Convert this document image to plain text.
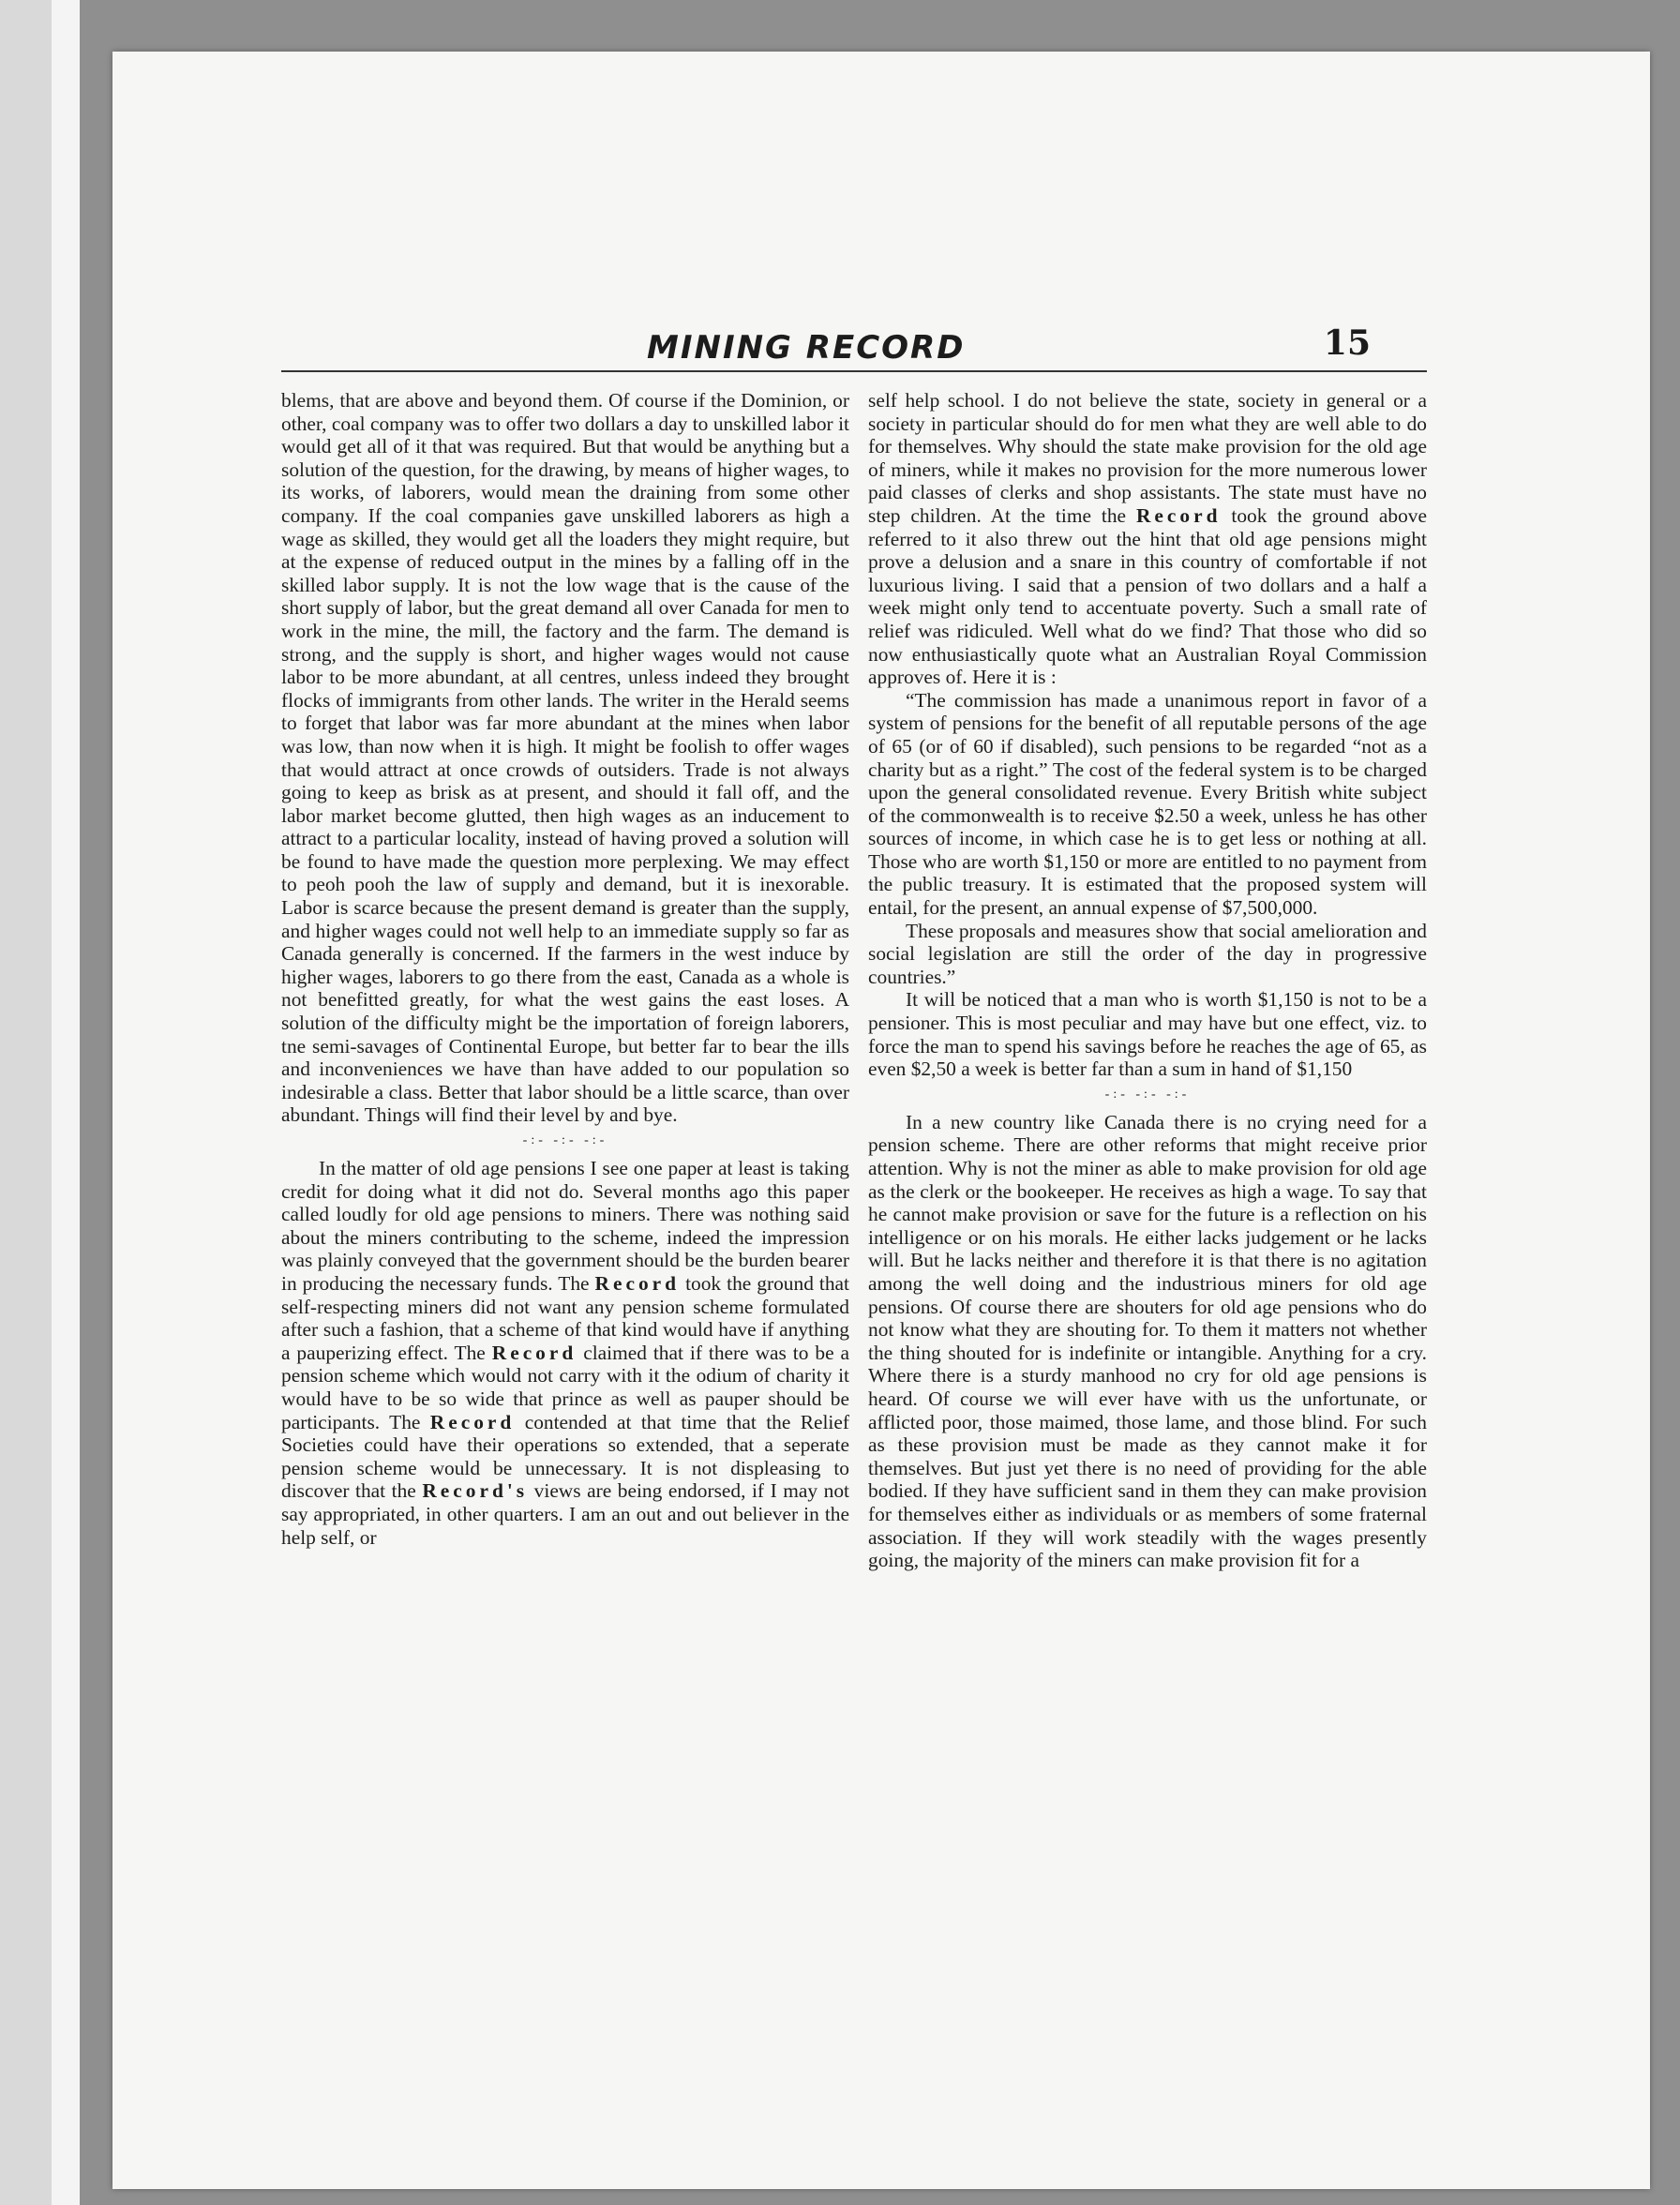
MINING RECORD	15

blems, that are above and beyond them. Of course if the Dominion, or other, coal company was to offer two dollars a day to unskilled labor it would get all of it that was required. But that would be anything but a solution of the question, for the drawing, by means of higher wages, to its works, of laborers, would mean the draining from some other company. If the coal companies gave unskilled laborers as high a wage as skilled, they would get all the loaders they might require, but at the expense of reduced output in the mines by a falling off in the skilled labor supply. It is not the low wage that is the cause of the short supply of labor, but the great demand all over Canada for men to work in the mine, the mill, the factory and the farm. The demand is strong, and the supply is short, and higher wages would not cause labor to be more abundant, at all centres, unless indeed they brought flocks of immigrants from other lands. The writer in the Herald seems to forget that labor was far more abundant at the mines when labor was low, than now when it is high. It might be foolish to offer wages that would attract at once crowds of outsiders. Trade is not always going to keep as brisk as at present, and should it fall off, and the labor market become glutted, then high wages as an inducement to attract to a particular locality, instead of having proved a solution will be found to have made the question more perplexing. We may effect to peoh pooh the law of supply and demand, but it is inexorable. Labor is scarce because the present demand is greater than the supply, and higher wages could not well help to an immediate supply so far as Canada generally is concerned. If the farmers in the west induce by higher wages, laborers to go there from the east, Canada as a whole is not benefitted greatly, for what the west gains the east loses. A solution of the difficulty might be the importation of foreign laborers, tne semi-savages of Continental Europe, but better far to bear the ills and inconveniences we have than have added to our population so indesirable a class. Better that labor should be a little scarce, than over abundant. Things will find their level by and bye.

-:- -:- -:-

In the matter of old age pensions I see one paper at least is taking credit for doing what it did not do. Several months ago this paper called loudly for old age pensions to miners. There was nothing said about the miners contributing to the scheme, indeed the impression was plainly conveyed that the government should be the burden bearer in producing the necessary funds. The Record took the ground that self-respecting miners did not want any pension scheme formulated after such a fashion, that a scheme of that kind would have if anything a pauperizing effect. The Record claimed that if there was to be a pension scheme which would not carry with it the odium of charity it would have to be so wide that prince as well as pauper should be participants. The Record contended at that time that the Relief Societies could have their operations so extended, that a seperate pension scheme would be unnecessary. It is not displeasing to discover that the Record's views are being endorsed, if I may not say appropriated, in other quarters. I am an out and out believer in the help self, or

self help school. I do not believe the state, society in general or a society in particular should do for men what they are well able to do for themselves. Why should the state make provision for the old age of miners, while it makes no provision for the more numerous lower paid classes of clerks and shop assistants. The state must have no step children. At the time the Record took the ground above referred to it also threw out the hint that old age pensions might prove a delusion and a snare in this country of comfortable if not luxurious living. I said that a pension of two dollars and a half a week might only tend to accentuate poverty. Such a small rate of relief was ridiculed. Well what do we find? That those who did so now enthusiastically quote what an Australian Royal Commission approves of. Here it is :

“The commission has made a unanimous report in favor of a system of pensions for the benefit of all reputable persons of the age of 65 (or of 60 if disabled), such pensions to be regarded “not as a charity but as a right.” The cost of the federal system is to be charged upon the general consolidated revenue. Every British white subject of the commonwealth is to receive $2.50 a week, unless he has other sources of income, in which case he is to get less or nothing at all. Those who are worth $1,150 or more are entitled to no payment from the public treasury. It is estimated that the proposed system will entail, for the present, an annual expense of $7,500,000.

These proposals and measures show that social amelioration and social legislation are still the order of the day in progressive countries.”

It will be noticed that a man who is worth $1,150 is not to be a pensioner. This is most peculiar and may have but one effect, viz. to force the man to spend his savings before he reaches the age of 65, as even $2,50 a week is better far than a sum in hand of $1,150

-:- -:- -:-

In a new country like Canada there is no crying need for a pension scheme. There are other reforms that might receive prior attention. Why is not the miner as able to make provision for old age as the clerk or the bookeeper. He receives as high a wage. To say that he cannot make provision or save for the future is a reflection on his intelligence or on his morals. He either lacks judgement or he lacks will. But he lacks neither and therefore it is that there is no agitation among the well doing and the industrious miners for old age pensions. Of course there are shouters for old age pensions who do not know what they are shouting for. To them it matters not whether the thing shouted for is indefinite or intangible. Anything for a cry. Where there is a sturdy manhood no cry for old age pensions is heard. Of course we will ever have with us the unfortunate, or afflicted poor, those maimed, those lame, and those blind. For such as these provision must be made as they cannot make it for themselves. But just yet there is no need of providing for the able bodied. If they have sufficient sand in them they can make provision for themselves either as individuals or as members of some fraternal association. If they will work steadily with the wages presently going, the majority of the miners can make provision fit for a
